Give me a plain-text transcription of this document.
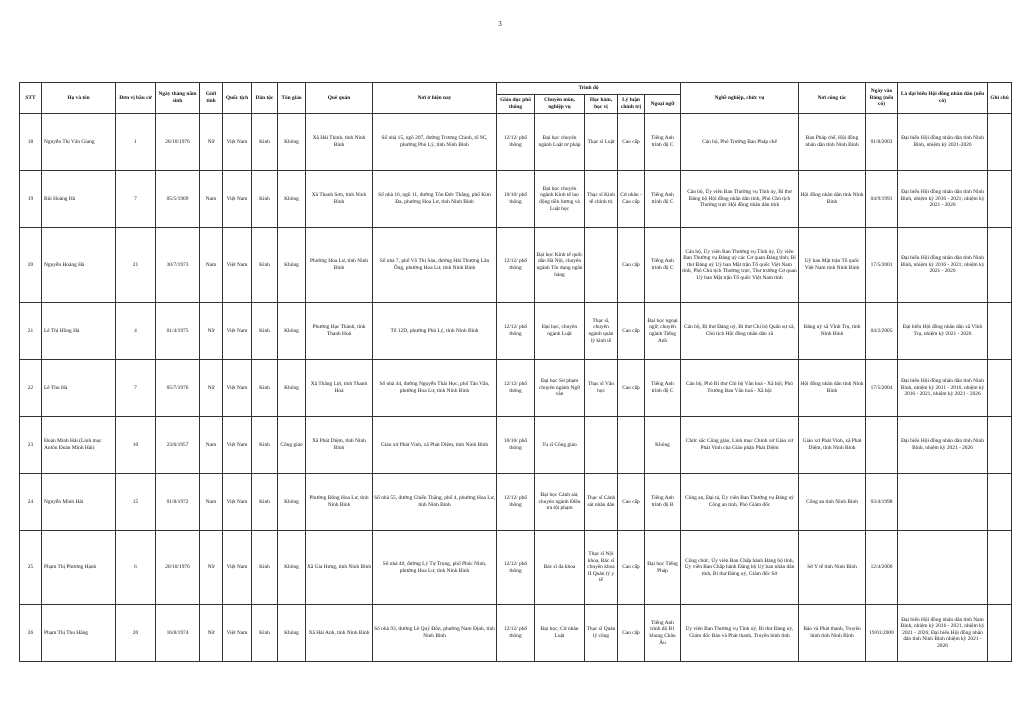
3
STT	Họ và tên	Đơn vị bầu cử	Ngày tháng năm sinh	Giới tính	Quốc tịch	Dân tộc	Tôn giáo	Quê quán	Nơi ở hiện nay	Trình độ					Nghề nghiệp, chức vụ	Nơi công tác	Ngày vào Đảng (nếu có)	Là đại biểu Hội đồng nhân dân (nếu có)	Ghi chú
										Giáo dục phổ thông	Chuyên môn, nghiệp vụ	Học hàm, học vị	Lý luận chính trị	Ngoại ngữ					
18	Nguyễn Thị Vân Giang	1	26/10/1976	Nữ	Việt Nam	Kinh	Không	Xã Hải Thịnh, tỉnh Ninh Bình	Số nhà 15, ngõ 207, đường Trương Chinh, tổ 9C, phường Phủ Lý, tỉnh Ninh Bình	12/12/ phổ thông	Đại học chuyên ngành Luật tư pháp	Thạc sĩ Luật	Cao cấp	Tiếng Anh trình độ C	Cán bộ, Phó Trưởng Ban Pháp chế	Ban Pháp chế, Hội đồng nhân dân tỉnh Ninh Bình	01/8/2003	Đại biểu Hội đồng nhân dân tỉnh Ninh Bình, nhiệm kỳ 2021-2026	
19	Bùi Hoàng Hà	7	05/5/1969	Nam	Việt Nam	Kinh	Không	Xã Thanh Sơn, tỉnh Ninh Bình	Số nhà 16, ngõ 11, đường Tôn Đức Thắng, phố Kim Đa, phường Hoa Lư, tỉnh Ninh Bình	10/10/ phổ thông	Đại học chuyên ngành Kinh tế lao động tiền lương và Luật học	Thạc sĩ Kinh tế chính trị	Cử nhân - Cao cấp	Tiếng Anh trình độ C	Cán bộ, Ủy viên Ban Thường vụ Tỉnh ủy, Bí thư Đảng bộ Hội đồng nhân dân tỉnh, Phó Chủ tịch Thường trực Hội đồng nhân dân tỉnh	Hội đồng nhân dân tỉnh Ninh Bình	04/9/1991	Đại biểu Hội đồng nhân dân tỉnh Ninh Bình, nhiệm kỳ 2016 - 2021; nhiệm kỳ 2021 - 2026	
20	Nguyễn Hoàng Hà	21	30/7/1973	Nam	Việt Nam	Kinh	Không	Phường Hoa Lư, tỉnh Ninh Bình	Số nhà 7, phố Võ Thị Sáu, đường Hải Thượng Lãn Ông, phường Hoa Lư, tỉnh Ninh Bình	12/12/ phổ thông	Đại học Kinh tế quốc dân Hà Nội, chuyên ngành Tín dụng ngân hàng		Cao cấp	Tiếng Anh trình độ C	Cán bộ, Ủy viên Ban Thường vụ Tỉnh ủy, Ủy viên Ban Thường vụ Đảng uỷ các Cơ quan Đảng tỉnh; Bí thư Đảng uỷ Uỷ ban Mặt trận Tổ quốc Việt Nam tỉnh, Phó Chủ tịch Thường trực, Thư trưởng Cơ quan Uỷ ban Mặt trận Tổ quốc Việt Nam tỉnh	Uỷ ban Mặt trận Tổ quốc Việt Nam tỉnh Ninh Bình	17/5/2001	Đại biểu Hội đồng nhân dân tỉnh Ninh Bình, nhiệm kỳ 2016 - 2021; nhiệm kỳ 2021 - 2026	
21	Lê Thị Hồng Hà	4	01/4/1975	Nữ	Việt Nam	Kinh	Không	Phường Hạc Thành, tỉnh Thanh Hoá	Tổ 12D, phường Phủ Lý, tỉnh Ninh Bình	12/12/ phổ thông	Đại học, chuyên ngành Luật	Thạc sĩ, chuyên ngành quản lý kinh tế	Cao cấp	Đại học ngoại ngữ, chuyên ngành Tiếng Anh	Cán bộ, Bí thư Đảng uỷ, Bí thư Chi bộ Quân sự xã, Chủ tịch Hội đồng nhân dân xã	Đảng uỷ xã Vĩnh Trụ, tỉnh Ninh Bình	04/2/2005	Đại biểu Hội đồng nhân dân xã Vĩnh Trụ, nhiệm kỳ 2021 - 2026	
22	Lê Thu Hà	7	05/7/1976	Nữ	Việt Nam	Kinh	Không	Xã Thắng Lợi, tỉnh Thanh Hoá	Số nhà 44, đường Nguyễn Thái Học, phố Tân Văn, phường Hoa Lư, tỉnh Ninh Bình	12/12/ phổ thông	Đại học Sư phạm chuyên ngành Ngữ văn	Thạc sĩ Văn học	Cao cấp	Tiếng Anh trình độ C	Cán bộ, Phó Bí thư Chi bộ Văn hoá - Xã hội; Phó Trưởng Ban Văn hoá - Xã hội	Hội đồng nhân dân tỉnh Ninh Bình	17/5/2004	Đại biểu Hội đồng nhân dân tỉnh Ninh Bình, nhiệm kỳ 2011 - 2016, nhiệm kỳ 2016 - 2021, nhiệm kỳ 2021 - 2026	
23	Đoàn Minh Hải (Linh mục Antôn Đoàn Minh Hải)	10	23/6/1957	Nam	Việt Nam	Kinh	Công giáo	Xã Phát Diệm, tỉnh Ninh Bình	Giáo xứ Phát Vinh, xã Phát Diệm, tỉnh Ninh Bình	10/10/ phổ thông	Tu sĩ Công giáo			Không	Chức sắc Công giáo, Linh mục Chính xứ Giáo xứ Phát Vinh của Giáo phận Phát Diệm	Giáo xứ Phát Vinh, xã Phát Diệm, tỉnh Ninh Bình		Đại biểu Hội đồng nhân dân tỉnh Ninh Bình, nhiệm kỳ 2021 - 2026	
24	Nguyễn Minh Hải	15	01/8/1972	Nam	Việt Nam	Kinh	Không	Phường Đông Hoa Lư, tỉnh Ninh Bình	Số nhà 55, đường Chiến Thắng, phố 4, phường Hoa Lư, tỉnh Ninh Bình	12/12/ phổ thông	Đại học Cảnh sát, chuyên ngành Điều tra tội phạm	Thạc sĩ Cảnh sát nhân dân	Cao cấp	Tiếng Anh trình độ B	Công an, Đại tá, Ủy viên Ban Thường vụ Đảng uỷ Công an tỉnh, Phó Giám đốc	Công an tỉnh Ninh Bình	03/4/1998		
25	Phạm Thị Phương Hạnh	6	20/10/1976	Nữ	Việt Nam	Kinh	Không	Xã Gia Hưng, tỉnh Ninh Bình	Số nhà 40, đường Lý Tự Trọng, phố Phúc Ninh, phường Hoa Lư, tỉnh Ninh Bình	12/12/ phổ thông	Bác sĩ đa khoa	Thạc sĩ Nội khoa, Bác sĩ chuyên khoa II Quản lý y tế	Cao cấp	Đại học Tiếng Pháp	Công chức, Ủy viên Ban Chấp hành Đảng bộ tỉnh, Ủy viên Ban Chấp hành Đảng bộ Uỷ ban nhân dân tỉnh, Bí thư Đảng uỷ, Giám đốc Sở	Sở Y tế tỉnh Ninh Bình	12/4/2000		
26	Phạm Thị Thu Hằng	20	16/8/1974	Nữ	Việt Nam	Kinh	Không	Xã Hải Anh, tỉnh Ninh Bình	Số nhà 93, đường Lê Quý Đôn, phường Nam Định, tỉnh Ninh Bình	12/12/ phổ thông	Đại học, Cử nhân Luật	Thạc sĩ Quản lý công	Cao cấp	Tiếng Anh trình độ B1 khung Châu Âu	Ủy viên Ban Thường vụ Tỉnh uỷ, Bí thư Đảng uỷ, Giám đốc Báo và Phát thanh, Truyền hình tỉnh	Báo và Phát thanh, Truyền hình tỉnh Ninh Bình	19/01/2000	Đại biểu Hội đồng nhân dân tỉnh Nam Định, nhiệm kỳ 2016 - 2021, nhiệm kỳ 2021 - 2026; Đại biểu Hội đồng nhân dân tỉnh Ninh Bình nhiệm kỳ 2021 - 2026	
